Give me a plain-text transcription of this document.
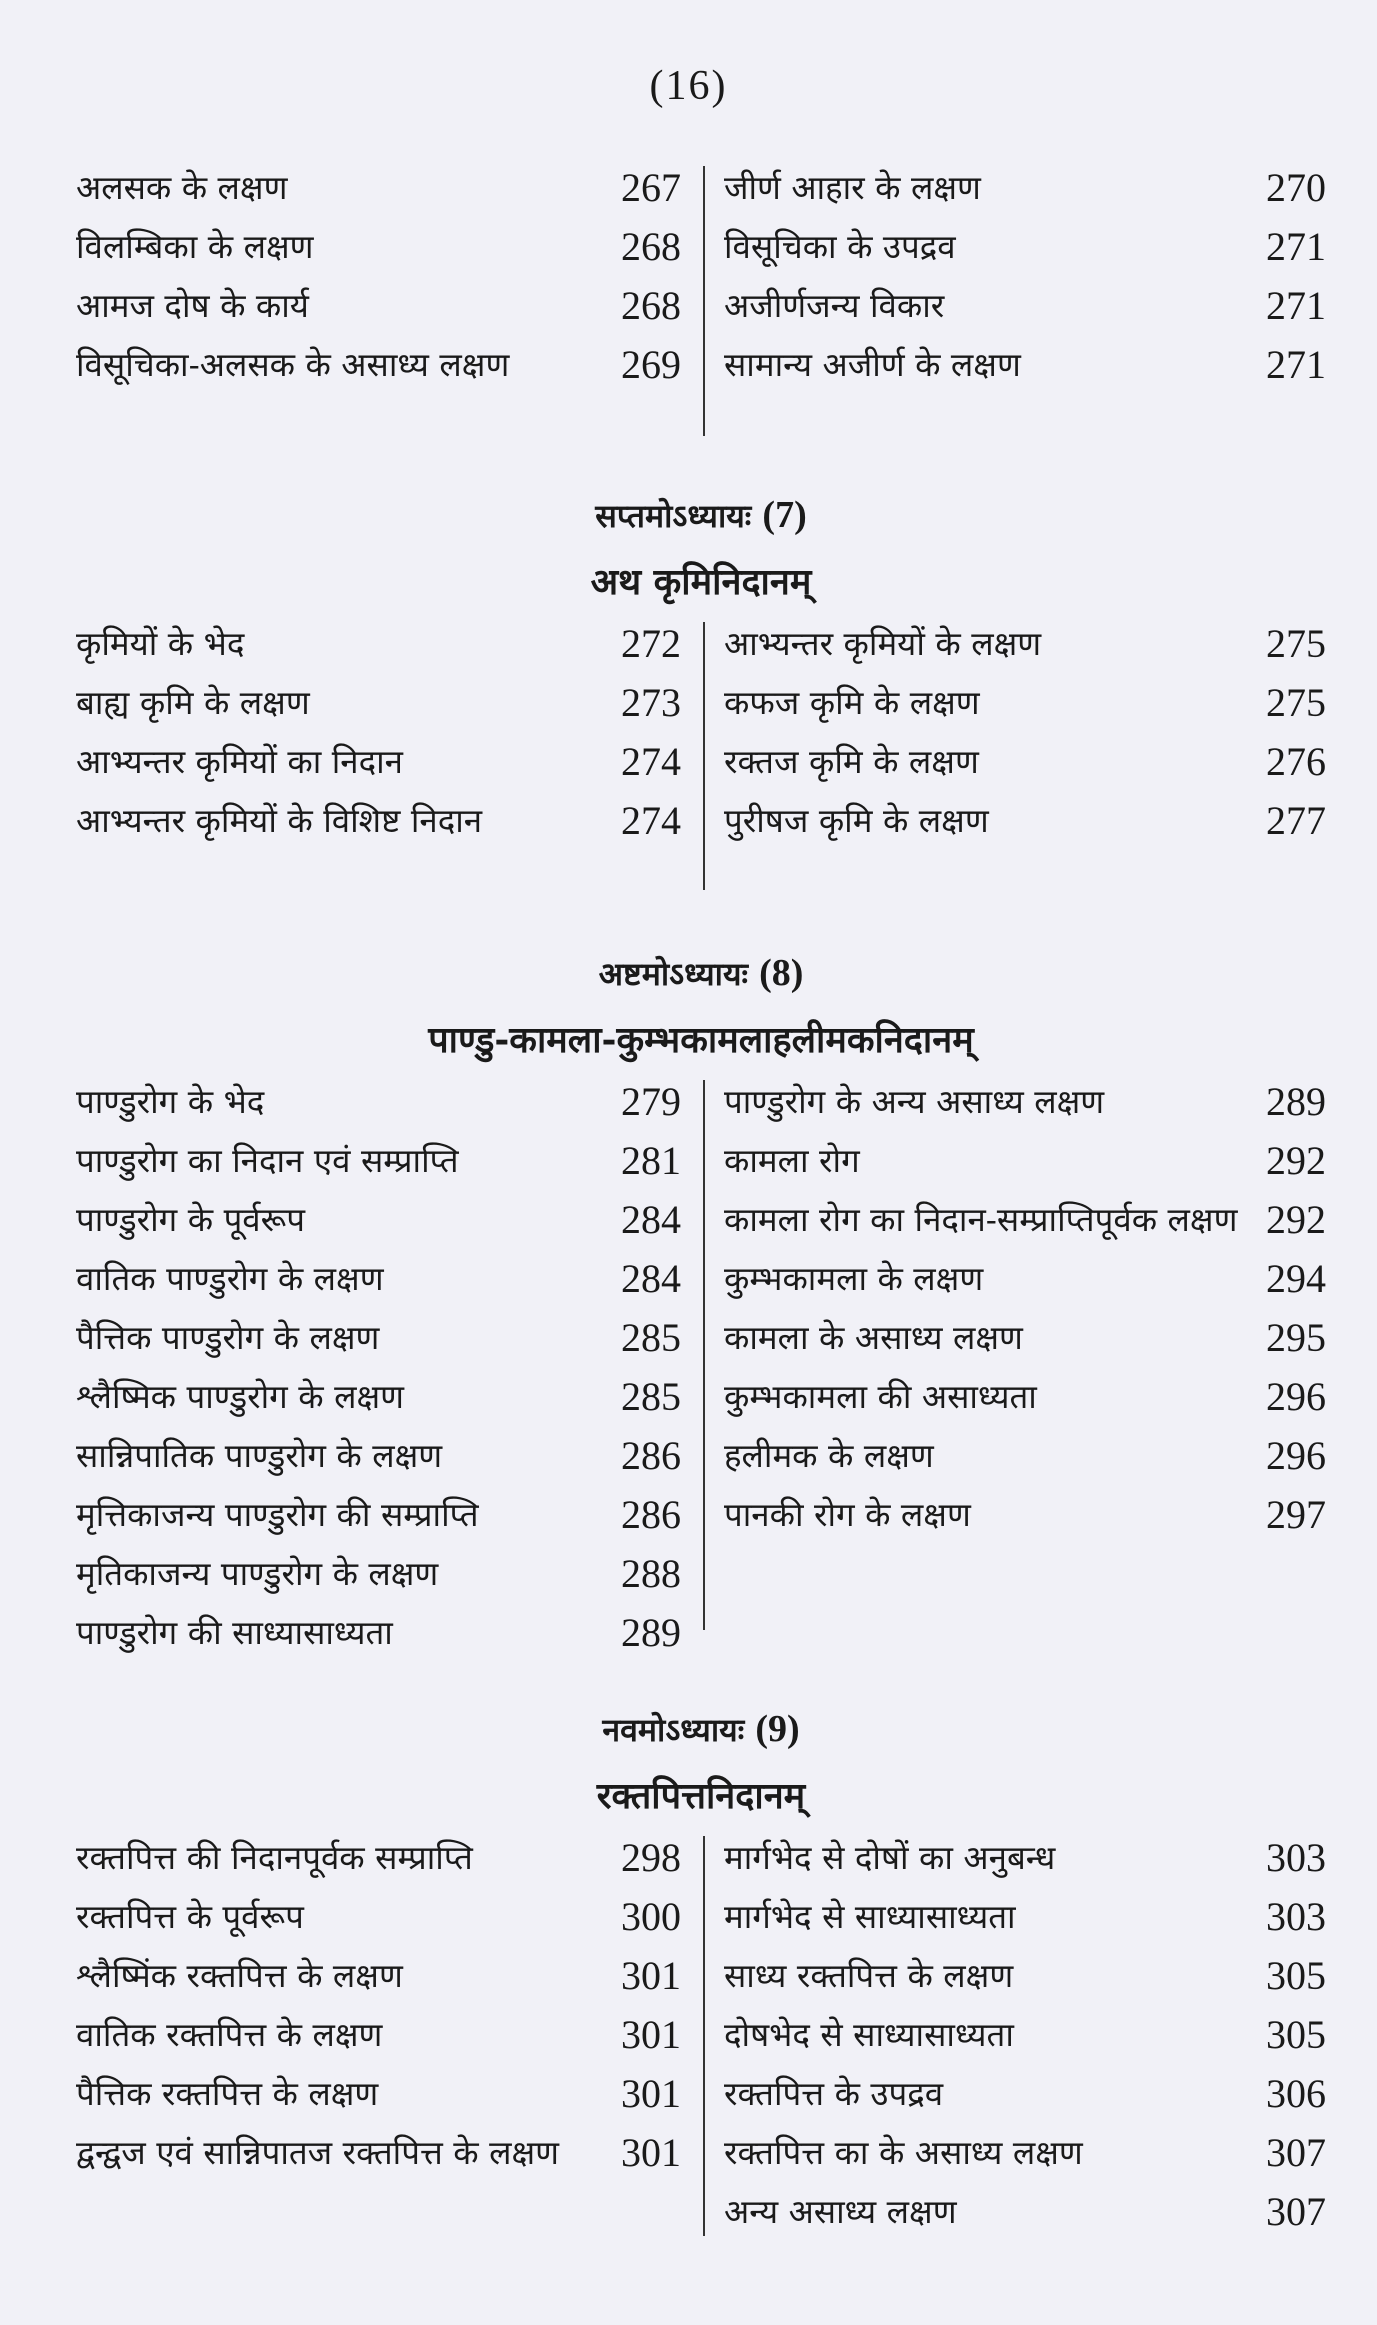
(16)
अलसक के लक्षण	267
विलम्बिका के लक्षण	268
आमज दोष के कार्य	268
विसूचिका-अलसक के असाध्य लक्षण	269
जीर्ण आहार के लक्षण	270
विसूचिका के उपद्रव	271
अजीर्णजन्य विकार	271
सामान्य अजीर्ण के लक्षण	271
सप्तमोऽध्यायः (7)
अथ कृमिनिदानम्
कृमियों के भेद	272
बाह्य कृमि के लक्षण	273
आभ्यन्तर कृमियों का निदान	274
आभ्यन्तर कृमियों के विशिष्ट निदान	274
आभ्यन्तर कृमियों के लक्षण	275
कफज कृमि के लक्षण	275
रक्तज कृमि के लक्षण	276
पुरीषज कृमि के लक्षण	277
अष्टमोऽध्यायः (8)
पाण्डु-कामला-कुम्भकामलाहलीमकनिदानम्
पाण्डुरोग के भेद	279
पाण्डुरोग का निदान एवं सम्प्राप्ति	281
पाण्डुरोग के पूर्वरूप	284
वातिक पाण्डुरोग के लक्षण	284
पैत्तिक पाण्डुरोग के लक्षण	285
श्लैष्मिक पाण्डुरोग के लक्षण	285
सान्निपातिक पाण्डुरोग के लक्षण	286
मृत्तिकाजन्य पाण्डुरोग की सम्प्राप्ति	286
मृतिकाजन्य पाण्डुरोग के लक्षण	288
पाण्डुरोग की साध्यासाध्यता	289
पाण्डुरोग के अन्य असाध्य लक्षण	289
कामला रोग	292
कामला रोग का निदान-सम्प्राप्तिपूर्वक लक्षण 292
कुम्भकामला के लक्षण	294
कामला के असाध्य लक्षण	295
कुम्भकामला की असाध्यता	296
हलीमक के लक्षण	296
पानकी रोग के लक्षण	297
नवमोऽध्यायः (9)
रक्तपित्तनिदानम्
रक्तपित्त की निदानपूर्वक सम्प्राप्ति	298
रक्तपित्त के पूर्वरूप	300
श्लैष्मिंक रक्तपित्त के लक्षण	301
वातिक रक्तपित्त के लक्षण	301
पैत्तिक रक्तपित्त के लक्षण	301
द्वन्द्वज एवं सान्निपातज रक्तपित्त के लक्षण	301
मार्गभेद से दोषों का अनुबन्ध	303
मार्गभेद से साध्यासाध्यता	303
साध्य रक्तपित्त के लक्षण	305
दोषभेद से साध्यासाध्यता	305
रक्तपित्त के उपद्रव	306
रक्तपित्त का के असाध्य लक्षण	307
अन्य असाध्य लक्षण	307
